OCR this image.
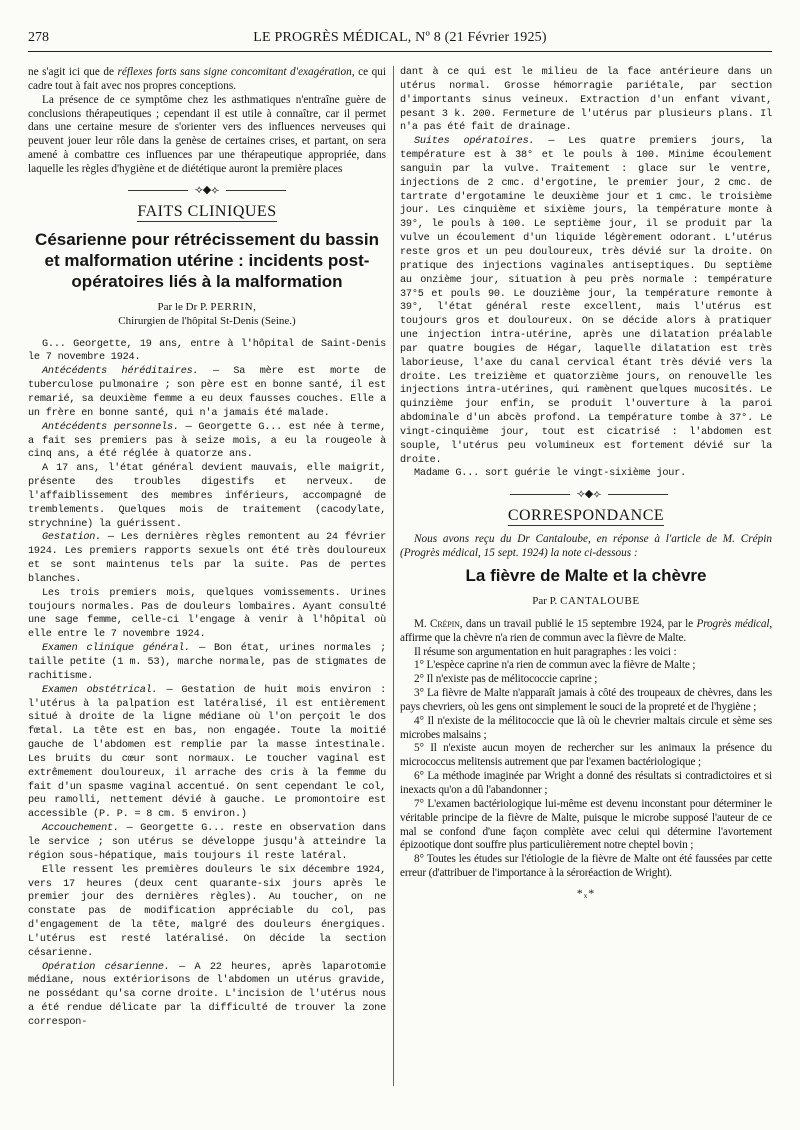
278	LE PROGRÈS MÉDICAL, Nº 8 (21 Février 1925)

ne s'agit ici que de réflexes forts sans signe concomitant d'exagération, ce qui cadre tout à fait avec nos propres conceptions.

La présence de ce symptôme chez les asthmatiques n'entraîne guère de conclusions thérapeutiques ; cependant il est utile à connaître, car il permet dans une certaine mesure de s'orienter vers des influences nerveuses qui peuvent jouer leur rôle dans la genèse de certaines crises, et partant, on sera amené à combattre ces influences par une thérapeutique appropriée, dans laquelle les règles d'hygiène et de diététique auront la première places

⟢◆⟣
FAITS CLINIQUES
Césarienne pour rétrécissement du bassin et malformation utérine : incidents post-opératoires liés à la malformation
Par le Dr P. PERRIN,
Chirurgien de l'hôpital St-Denis (Seine.)

G... Georgette, 19 ans, entre à l'hôpital de Saint-Denis le 7 novembre 1924.

Antécédents héréditaires. — Sa mère est morte de tuberculose pulmonaire ; son père est en bonne santé, il est remarié, sa deuxième femme a eu deux fausses couches. Elle a un frère en bonne santé, qui n'a jamais été malade.

Antécédents personnels. — Georgette G... est née à terme, a fait ses premiers pas à seize mois, a eu la rougeole à cinq ans, a été réglée à quatorze ans.

A 17 ans, l'état général devient mauvais, elle maigrit, présente des troubles digestifs et nerveux. de l'affaiblissement des membres inférieurs, accompagné de tremblements. Quelques mois de traitement (cacodylate, strychnine) la guérissent.

Gestation. — Les dernières règles remontent au 24 février 1924. Les premiers rapports sexuels ont été très douloureux et se sont maintenus tels par la suite. Pas de pertes blanches.

Les trois premiers mois, quelques vomissements. Urines toujours normales. Pas de douleurs lombaires. Ayant consulté une sage femme, celle-ci l'engage à venir à l'hôpital où elle entre le 7 novembre 1924.

Examen clinique général. — Bon état, urines normales ; taille petite (1 m. 53), marche normale, pas de stigmates de rachitisme.

Examen obstétrical. — Gestation de huit mois environ : l'utérus à la palpation est latéralisé, il est entièrement situé à droite de la ligne médiane où l'on perçoit le dos fœtal. La tête est en bas, non engagée. Toute la moitié gauche de l'abdomen est remplie par la masse intestinale. Les bruits du cœur sont normaux. Le toucher vaginal est extrêmement douloureux, il arrache des cris à la femme du fait d'un spasme vaginal accentué. On sent cependant le col, peu ramolli, nettement dévié à gauche. Le promontoire est accessible (P. P. = 8 cm. 5 environ.)

Accouchement. — Georgette G... reste en observation dans le service ; son utérus se développe jusqu'à atteindre la région sous-hépatique, mais toujours il reste latéral.

Elle ressent les premières douleurs le six décembre 1924, vers 17 heures (deux cent quarante-six jours après le premier jour des dernières règles). Au toucher, on ne constate pas de modification appréciable du col, pas d'engagement de la tête, malgré des douleurs énergiques. L'utérus est resté latéralisé. On décide la section césarienne.

Opération césarienne. — A 22 heures, après laparotomie médiane, nous extériorisons de l'abdomen un utérus gravide, ne possédant qu'sa corne droite. L'incision de l'utérus nous a été rendue délicate par la difficulté de trouver la zone correspon-

dant à ce qui est le milieu de la face antérieure dans un utérus normal. Grosse hémorragie pariétale, par section d'importants sinus veineux. Extraction d'un enfant vivant, pesant 3 k. 200. Fermeture de l'utérus par plusieurs plans. Il n'a pas été fait de drainage.

Suites opératoires. — Les quatre premiers jours, la température est à 38° et le pouls à 100. Minime écoulement sanguin par la vulve. Traitement : glace sur le ventre, injections de 2 cmc. d'ergotine, le premier jour, 2 cmc. de tartrate d'ergotamine le deuxième jour et 1 cmc. le troisième jour. Les cinquième et sixième jours, la température monte à 39°, le pouls à 100. Le septième jour, il se produit par la vulve un écoulement d'un liquide légèrement odorant. L'utérus reste gros et un peu douloureux, très dévié sur la droite. On pratique des injections vaginales antiseptiques. Du septième au onzième jour, situation à peu près normale : température 37°5 et pouls 90. Le douzième jour, la température remonte à 39°, l'état général reste excellent, mais l'utérus est toujours gros et douloureux. On se décide alors à pratiquer une injection intra-utérine, après une dilatation préalable par quatre bougies de Hégar, laquelle dilatation est très laborieuse, l'axe du canal cervical étant très dévié vers la droite. Les treizième et quatorzième jours, on renouvelle les injections intra-utérines, qui ramènent quelques mucosités. Le quinzième jour enfin, se produit l'ouverture à la paroi abdominale d'un abcès profond. La température tombe à 37°. Le vingt-cinquième jour, tout est cicatrisé : l'abdomen est souple, l'utérus peu volumineux est fortement dévié sur la droite.

Madame G... sort guérie le vingt-sixième jour.

⟢◆⟣
CORRESPONDANCE

Nous avons reçu du Dr Cantaloube, en réponse à l'article de M. Crépin (Progrès médical, 15 sept. 1924) la note ci-dessous :

La fièvre de Malte et la chèvre
Par P. CANTALOUBE

M. Crépin, dans un travail publié le 15 septembre 1924, par le Progrès médical, affirme que la chèvre n'a rien de commun avec la fièvre de Malte.

Il résume son argumentation en huit paragraphes : les voici :

1° L'espèce caprine n'a rien de commun avec la fièvre de Malte ;

2° Il n'existe pas de mélitococcie caprine ;

3° La fièvre de Malte n'apparaît jamais à côté des troupeaux de chèvres, dans les pays chevriers, où les gens ont simplement le souci de la propreté et de l'hygiène ;

4° Il n'existe de la mélitococcie que là où le chevrier maltais circule et sème ses microbes malsains ;

5° Il n'existe aucun moyen de rechercher sur les animaux la présence du micrococcus melitensis autrement que par l'examen bactériologique ;

6° La méthode imaginée par Wright a donné des résultats si contradictoires et si inexacts qu'on a dû l'abandonner ;

7° L'examen bactériologique lui-même est devenu inconstant pour déterminer le véritable principe de la fièvre de Malte, puisque le microbe supposé l'auteur de ce mal se confond d'une façon complète avec celui qui détermine l'avortement épizootique dont souffre plus particulièrement notre cheptel bovin ;

8° Toutes les études sur l'étiologie de la fièvre de Malte ont été faussées par cette erreur (d'attribuer de l'importance à la séroréaction de Wright).

*ₓ*
